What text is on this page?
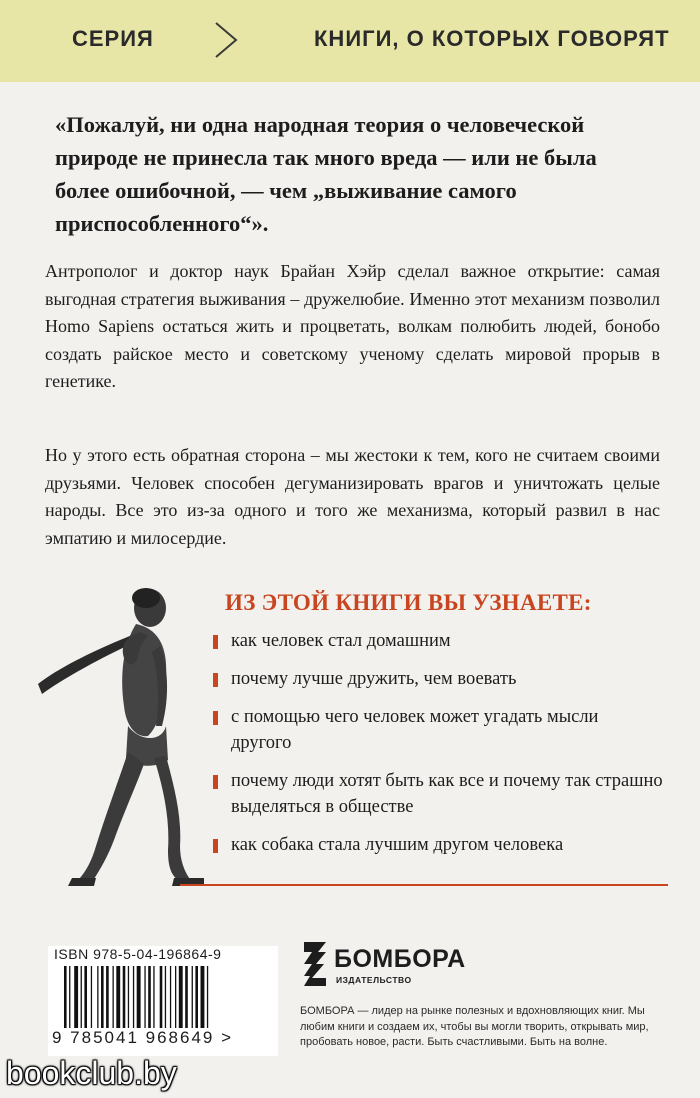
СЕРИЯ	КНИГИ, О КОТОРЫХ ГОВОРЯТ
«Пожалуй, ни одна народная теория о человеческой природе не принесла так много вреда — или не была более ошибочной, — чем „выживание самого приспособленного“».
Антрополог и доктор наук Брайан Хэйр сделал важное открытие: самая выгодная стратегия выживания – дружелюбие. Именно этот механизм позволил Homo Sapiens остаться жить и процветать, волкам полюбить людей, бонобо создать райское место и советскому ученому сделать мировой прорыв в генетике.
Но у этого есть обратная сторона – мы жестоки к тем, кого не считаем своими друзьями. Человек способен дегуманизировать врагов и уничтожать целые народы. Все это из-за одного и того же механизма, который развил в нас эмпатию и милосердие.
ИЗ ЭТОЙ КНИГИ ВЫ УЗНАЕТЕ:
как человек стал домашним
почему лучше дружить, чем воевать
с помощью чего человек может угадать мысли другого
почему люди хотят быть как все и почему так страшно выделяться в обществе
как собака стала лучшим другом человека
ISBN 978-5-04-196864-9
9 785041 968649 >
БОМБОРА
ИЗДАТЕЛЬСТВО
БОМБОРА — лидер на рынке полезных и вдохновляющих книг. Мы любим книги и создаем их, чтобы вы могли творить, открывать мир, пробовать новое, расти. Быть счастливыми. Быть на волне.
bookclub.by
